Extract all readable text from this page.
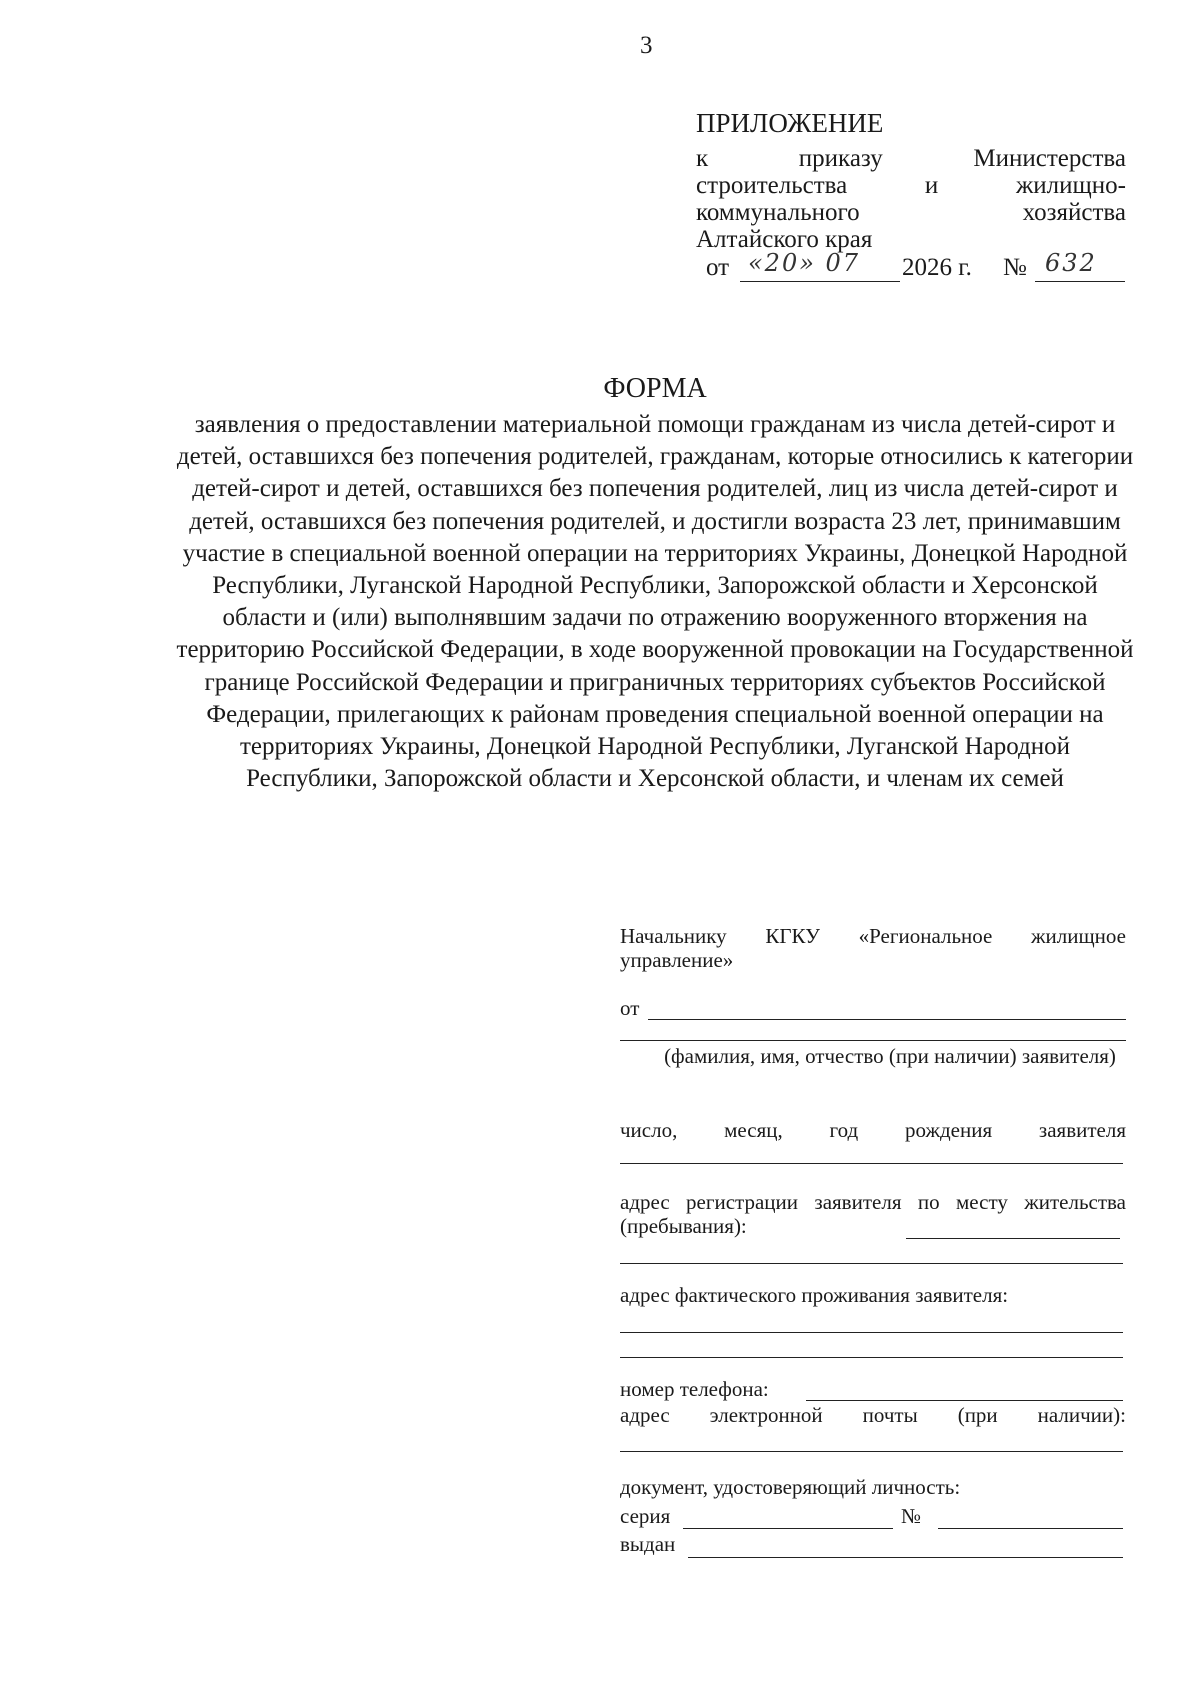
3
ПРИЛОЖЕНИЕ
к приказу Министерства
строительства и жилищно-
коммунального хозяйства
Алтайского края
от «20» 07 2026 г. № 632
ФОРМА
заявления о предоставлении материальной помощи гражданам из числа детей-сирот и детей, оставшихся без попечения родителей, гражданам, которые относились к категории детей-сирот и детей, оставшихся без попечения родителей, лиц из числа детей-сирот и детей, оставшихся без попечения родителей, и достигли возраста 23 лет, принимавшим участие в специальной военной операции на территориях Украины, Донецкой Народной Республики, Луганской Народной Республики, Запорожской области и Херсонской области и (или) выполнявшим задачи по отражению вооруженного вторжения на территорию Российской Федерации, в ходе вооруженной провокации на Государственной границе Российской Федерации и приграничных территориях субъектов Российской Федерации, прилегающих к районам проведения специальной военной операции на территориях Украины, Донецкой Народной Республики, Луганской Народной Республики, Запорожской области и Херсонской области, и членам их семей
Начальнику КГКУ «Региональное жилищное управление»
от
(фамилия, имя, отчество (при наличии) заявителя)
число, месяц, год рождения заявителя
адрес регистрации заявителя по месту жительства (пребывания):
адрес фактического проживания заявителя:
номер телефона:
адрес электронной почты (при наличии):
документ, удостоверяющий личность:
серия	№
выдан
